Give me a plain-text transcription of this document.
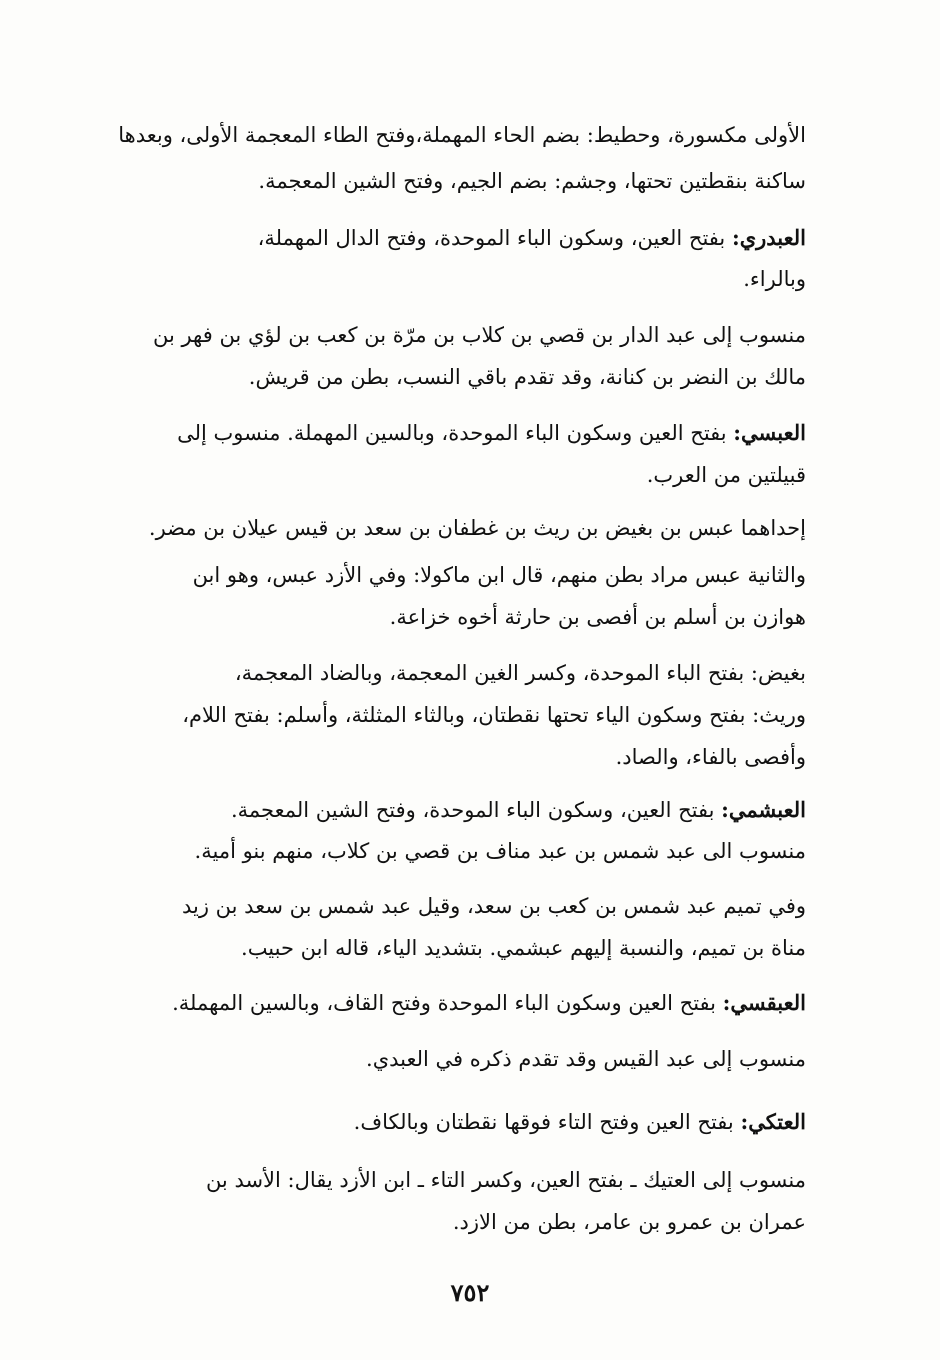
الأولى مكسورة، وحطيط: بضم الحاء المهملة،وفتح الطاء المعجمة الأولى، وبعدها
ساكنة بنقطتين تحتها، وجشم: بضم الجيم، وفتح الشين المعجمة.
العبدري: بفتح العين، وسكون الباء الموحدة، وفتح الدال المهملة،
وبالراء.
منسوب إلى عبد الدار بن قصي بن كلاب بن مرّة بن كعب بن لؤي بن فهر بن
مالك بن النضر بن كنانة، وقد تقدم باقي النسب، بطن من قريش.
العبسي: بفتح العين وسكون الباء الموحدة، وبالسين المهملة. منسوب إلى
قبيلتين من العرب.
إحداهما عبس بن بغيض بن ريث بن غطفان بن سعد بن قيس عيلان بن مضر.
والثانية عبس مراد بطن منهم، قال ابن ماكولا: وفي الأزد عبس، وهو ابن
هوازن بن أسلم بن أفصى بن حارثة أخوه خزاعة.
بغيض: بفتح الباء الموحدة، وكسر الغين المعجمة، وبالضاد المعجمة،
وريث: بفتح وسكون الياء تحتها نقطتان، وبالثاء المثلثة، وأسلم: بفتح اللام،
وأفصى بالفاء، والصاد.
العبشمي: بفتح العين، وسكون الباء الموحدة، وفتح الشين المعجمة.
منسوب الى عبد شمس بن عبد مناف بن قصي بن كلاب، منهم بنو أمية.
وفي تميم عبد شمس بن كعب بن سعد، وقيل عبد شمس بن سعد بن زيد
مناة بن تميم، والنسبة إليهم عبشمي. بتشديد الياء، قاله ابن حبيب.
العبقسي: بفتح العين وسكون الباء الموحدة وفتح القاف، وبالسين المهملة.
منسوب إلى عبد القيس وقد تقدم ذكره في العبدي.
العتكي: بفتح العين وفتح التاء فوقها نقطتان وبالكاف.
منسوب إلى العتيك ـ بفتح العين، وكسر التاء ـ ابن الأزد يقال: الأسد بن
عمران بن عمرو بن عامر، بطن من الازد.
٧٥٢
